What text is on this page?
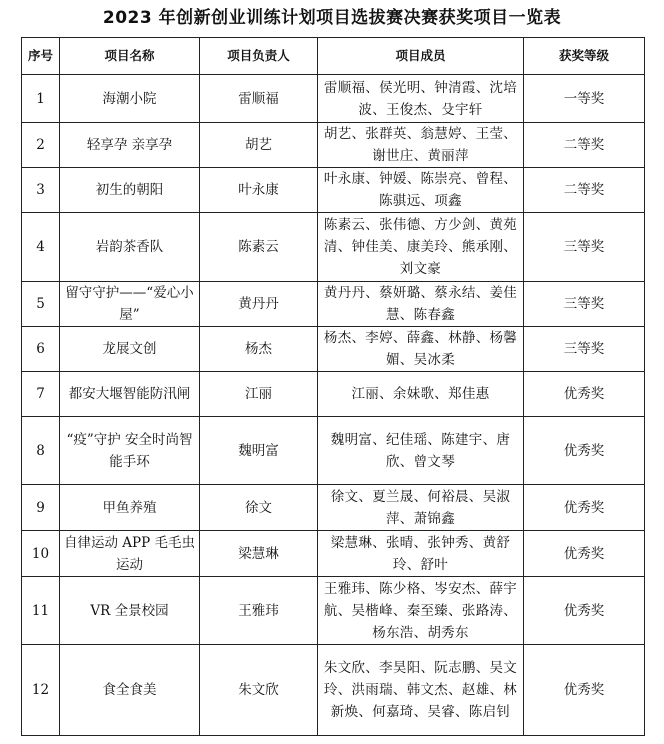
2023 年创新创业训练计划项目选拔赛决赛获奖项目一览表
序号	项目名称	项目负责人	项目成员	获奖等级
1	海潮小院	雷顺福	雷顺福、侯光明、钟清霞、沈培波、王俊杰、殳宇轩	一等奖
2	轻享孕 亲享孕	胡艺	胡艺、张群英、翁慧婷、王莹、谢世庄、黄丽萍	二等奖
3	初生的朝阳	叶永康	叶永康、钟媛、陈崇亮、曾程、陈骐远、项鑫	二等奖
4	岩韵茶香队	陈素云	陈素云、张伟德、方少剑、黄苑清、钟佳美、康美玲、熊承刚、刘文豪	三等奖
5	留守守护——“爱心小屋”	黄丹丹	黄丹丹、蔡妍璐、蔡永结、姜佳慧、陈春鑫	三等奖
6	龙展文创	杨杰	杨杰、李婷、薛鑫、林静、杨馨媚、吴冰柔	三等奖
7	都安大堰智能防汛闸	江丽	江丽、余妹歌、郑佳惠	优秀奖
8	“疫”守护 安全时尚智能手环	魏明富	魏明富、纪佳瑶、陈建宇、唐欣、曾文琴	优秀奖
9	甲鱼养殖	徐文	徐文、夏兰晟、何裕晨、吴淑萍、萧锦鑫	优秀奖
10	自律运动 APP 毛毛虫运动	梁慧琳	梁慧琳、张晴、张钟秀、黄舒玲、舒叶	优秀奖
11	VR 全景校园	王雅玮	王雅玮、陈少格、岑安杰、薛宇航、吴楷峰、秦至臻、张路涛、杨东浩、胡秀东	优秀奖
12	食全食美	朱文欣	朱文欣、李昊阳、阮志鹏、吴文玲、洪雨瑞、韩文杰、赵雄、林新焕、何嘉琦、吴睿、陈启钊	优秀奖
